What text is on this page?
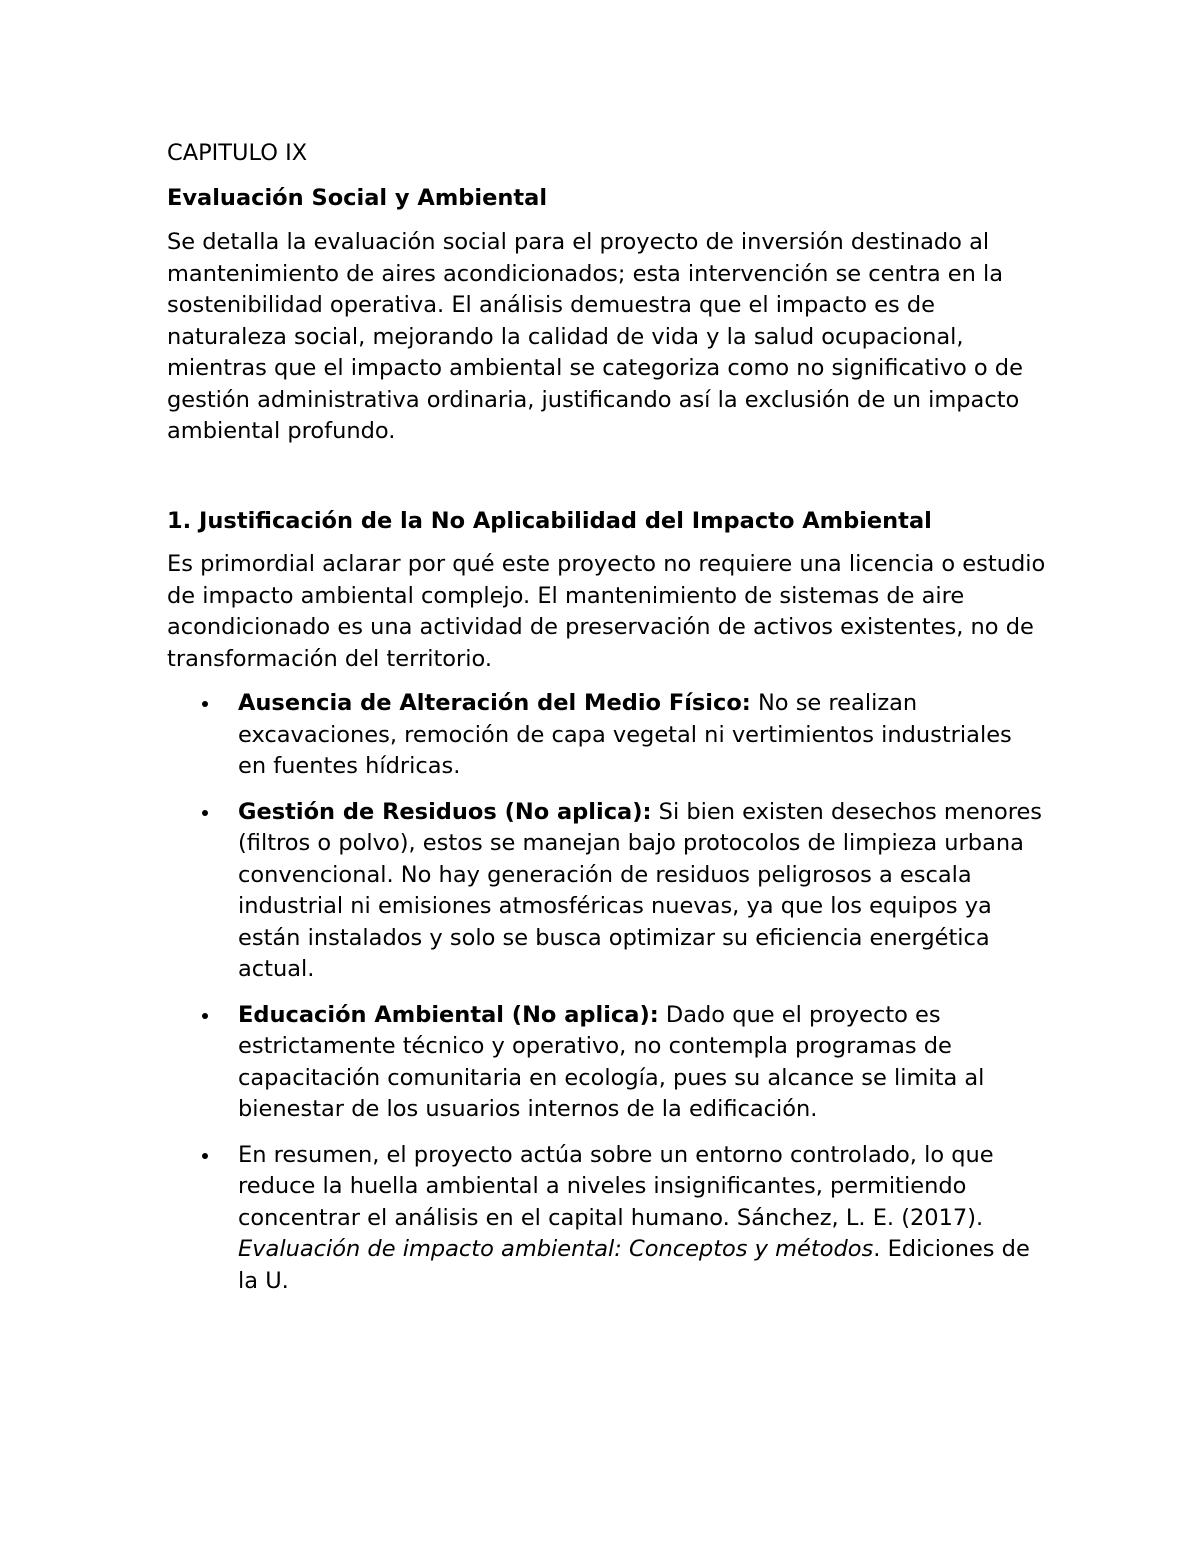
CAPITULO IX

Evaluación Social y Ambiental

Se detalla la evaluación social para el proyecto de inversión destinado al mantenimiento de aires acondicionados; esta intervención se centra en la sostenibilidad operativa. El análisis demuestra que el impacto es de naturaleza social, mejorando la calidad de vida y la salud ocupacional, mientras que el impacto ambiental se categoriza como no significativo o de gestión administrativa ordinaria, justificando así la exclusión de un impacto ambiental profundo.

1. Justificación de la No Aplicabilidad del Impacto Ambiental

Es primordial aclarar por qué este proyecto no requiere una licencia o estudio de impacto ambiental complejo. El mantenimiento de sistemas de aire acondicionado es una actividad de preservación de activos existentes, no de transformación del territorio.

Ausencia de Alteración del Medio Físico: No se realizan excavaciones, remoción de capa vegetal ni vertimientos industriales en fuentes hídricas.
Gestión de Residuos (No aplica): Si bien existen desechos menores (filtros o polvo), estos se manejan bajo protocolos de limpieza urbana convencional. No hay generación de residuos peligrosos a escala industrial ni emisiones atmosféricas nuevas, ya que los equipos ya están instalados y solo se busca optimizar su eficiencia energética actual.
Educación Ambiental (No aplica): Dado que el proyecto es estrictamente técnico y operativo, no contempla programas de capacitación comunitaria en ecología, pues su alcance se limita al bienestar de los usuarios internos de la edificación.
En resumen, el proyecto actúa sobre un entorno controlado, lo que reduce la huella ambiental a niveles insignificantes, permitiendo concentrar el análisis en el capital humano. Sánchez, L. E. (2017). Evaluación de impacto ambiental: Conceptos y métodos. Ediciones de la U.
